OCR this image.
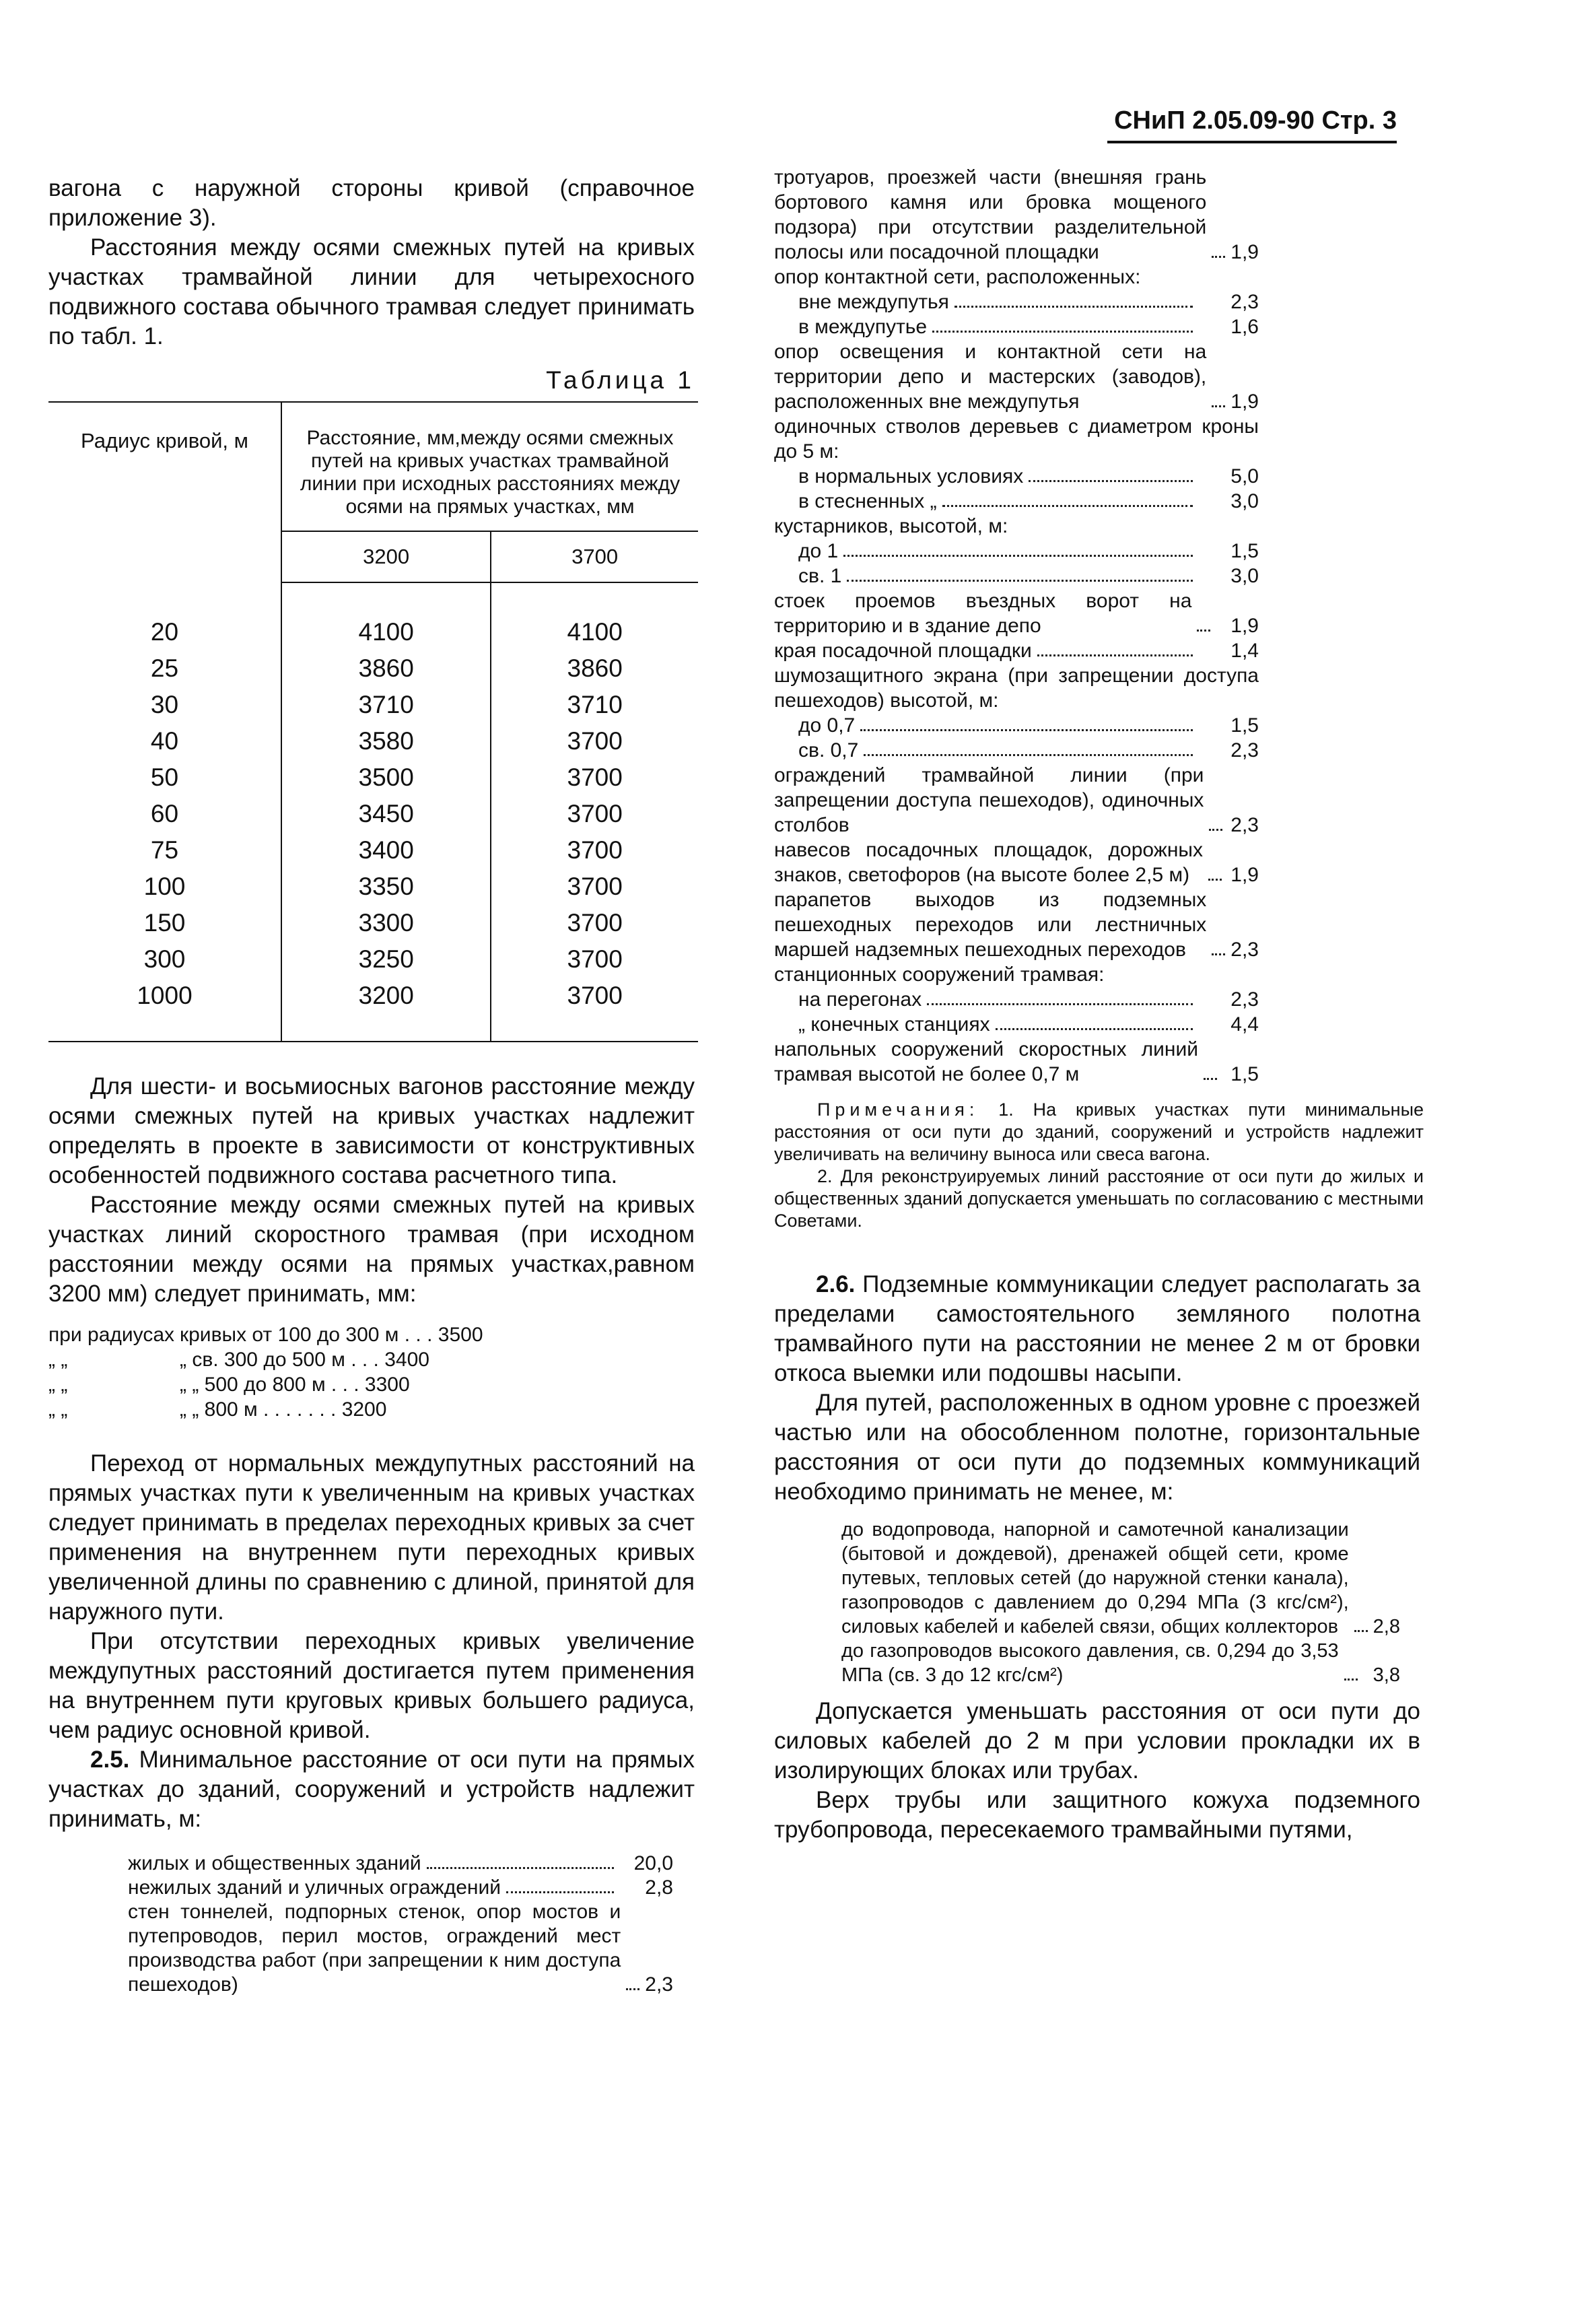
СНиП 2.05.09-90 Стр. 3

вагона с наружной стороны кривой (справочное приложение 3).

Расстояния между осями смежных путей на кривых участках трамвайной линии для четырехосного подвижного состава обычного трамвая следует принимать по табл. 1.

Таблица 1
Радиус кривой, м	Расстояние, мм,между осями смежных путей на кривых участках трамвайной линии при исходных расстояниях между осями на прямых участках, мм	
	3200	3700
20	4100	4100
25	3860	3860
30	3710	3710
40	3580	3700
50	3500	3700
60	3450	3700
75	3400	3700
100	3350	3700
150	3300	3700
300	3250	3700
1000	3200	3700

Для шести- и восьмиосных вагонов расстояние между осями смежных путей на кривых участках надлежит определять в проекте в зависимости от конструктивных особенностей подвижного состава расчетного типа.

Расстояние между осями смежных путей на кривых участках линий скоростного трамвая (при исходном расстоянии между осями на прямых участках,равном 3200 мм) следует принимать, мм:

при радиусах кривых от 100 до 300 м . . . 3500
„ „	„ св. 300 до 500 м . . . 3400
„ „	„ „ 500 до 800 м . . . 3300
„ „	„ „ 800 м . . . . . . . 3200

Переход от нормальных междупутных расстояний на прямых участках пути к увеличенным на кривых участках следует принимать в пределах переходных кривых за счет применения на внутреннем пути переходных кривых увеличенной длины по сравнению с длиной, принятой для наружного пути.

При отсутствии переходных кривых увеличение междупутных расстояний достигается путем применения на внутреннем пути круговых кривых большего радиуса, чем радиус основной кривой.

2.5. Минимальное расстояние от оси пути на прямых участках до зданий, сооружений и устройств надлежит принимать, м:

жилых и общественных зданий	20,0
нежилых зданий и уличных ограждений	2,8
стен тоннелей, подпорных стенок, опор мостов и путепроводов, перил мостов, ограждений мест производства работ (при запрещении к ним доступа пешеходов)	2,3
тротуаров, проезжей части (внешняя грань бортового камня или бровка мощеного подзора) при отсутствии разделительной полосы или посадочной площадки	1,9
опор контактной сети, расположенных:
вне междупутья	2,3
в междупутье	1,6
опор освещения и контактной сети на территории депо и мастерских (заводов), расположенных вне междупутья	1,9
одиночных стволов деревьев с диаметром кроны до 5 м:
в нормальных условиях	5,0
в стесненных „	3,0
кустарников, высотой, м:
до 1	1,5
св. 1	3,0
стоек проемов въездных ворот на территорию и в здание депо	1,9
края посадочной площадки	1,4
шумозащитного экрана (при запрещении доступа пешеходов) высотой, м:
до 0,7	1,5
св. 0,7	2,3
ограждений трамвайной линии (при запрещении доступа пешеходов), одиночных столбов	2,3
навесов посадочных площадок, дорожных знаков, светофоров (на высоте более 2,5 м)	1,9
парапетов выходов из подземных пешеходных переходов или лестничных маршей надземных пешеходных переходов	2,3
станционных сооружений трамвая:
на перегонах	2,3
„ конечных станциях	4,4
напольных сооружений скоростных линий трамвая высотой не более 0,7 м	1,5
Примечания: 1. На кривых участках пути минимальные расстояния от оси пути до зданий, сооружений и устройств надлежит увеличивать на величину выноса или свеса вагона.
2. Для реконструируемых линий расстояние от оси пути до жилых и общественных зданий допускается уменьшать по согласованию с местными Советами.

2.6. Подземные коммуникации следует располагать за пределами самостоятельного земляного полотна трамвайного пути на расстоянии не менее 2 м от бровки откоса выемки или подошвы насыпи.

Для путей, расположенных в одном уровне с проезжей частью или на обособленном полотне, горизонтальные расстояния от оси пути до подземных коммуникаций необходимо принимать не менее, м:

до водопровода, напорной и самотечной канализации (бытовой и дождевой), дренажей общей сети, кроме путевых, тепловых сетей (до наружной стенки канала), газопроводов с давлением до 0,294 МПа (3 кгс/см²), силовых кабелей и кабелей связи, общих коллекторов	2,8
до газопроводов высокого давления, св. 0,294 до 3,53 МПа (св. 3 до 12 кгс/см²)	3,8

Допускается уменьшать расстояния от оси пути до силовых кабелей до 2 м при условии прокладки их в изолирующих блоках или трубах.

Верх трубы или защитного кожуха подземного трубопровода, пересекаемого трамвайными путями,
